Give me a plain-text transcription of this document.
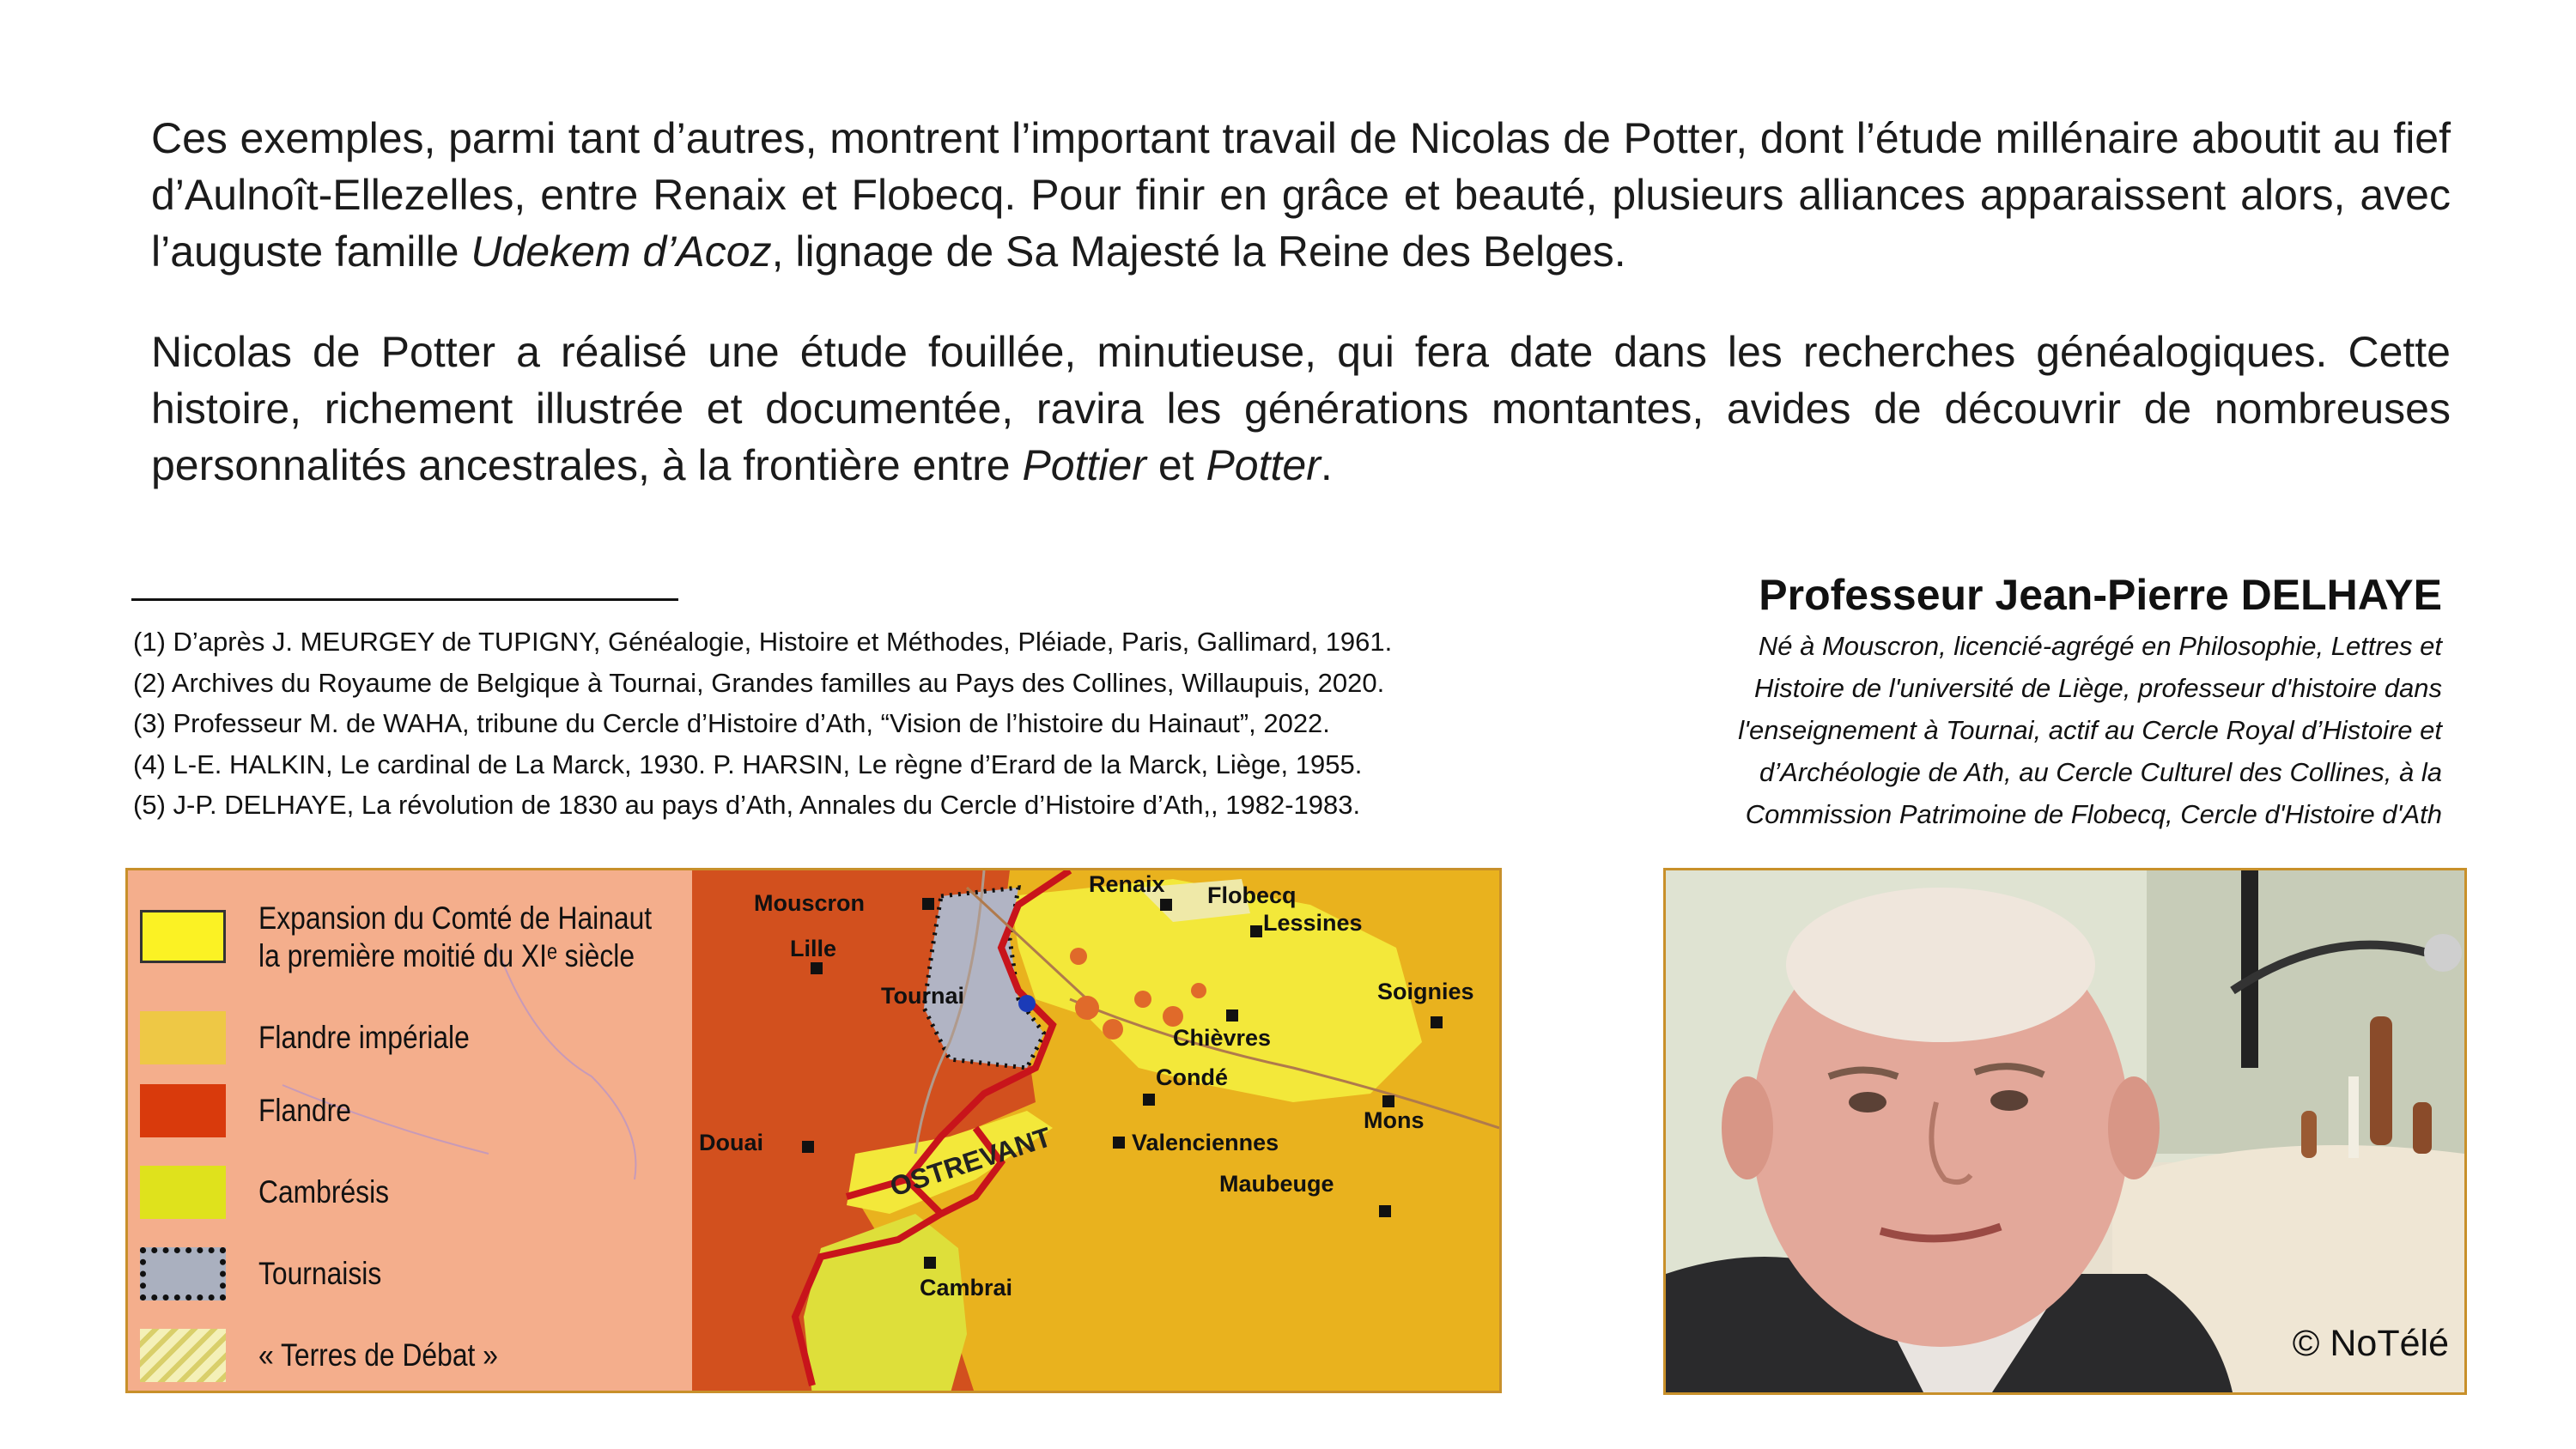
Ces exemples, parmi tant d’autres, montrent l’important travail de Nicolas de Potter, dont l’étude millénaire aboutit au fief d’Aulnoît-Ellezelles, entre Renaix et Flobecq. Pour finir en grâce et beauté, plusieurs alliances apparaissent alors, avec l’auguste famille Udekem d’Acoz, lignage de Sa Majesté la Reine des Belges.

Nicolas de Potter a réalisé une étude fouillée, minutieuse, qui fera date dans les recherches généalogiques. Cette histoire, richement illustrée et documentée, ravira les générations montantes, avides de découvrir de nombreuses personnalités ancestrales, à la frontière entre Pottier et Potter.

(1) D’après J. MEURGEY de TUPIGNY, Généalogie, Histoire et Méthodes, Pléiade, Paris, Gallimard, 1961.
(2) Archives du Royaume de Belgique à Tournai, Grandes familles au Pays des Collines, Willaupuis, 2020.
(3) Professeur M. de WAHA, tribune du Cercle d’Histoire d’Ath, “Vision de l’histoire du Hainaut”, 2022.
(4) L-E. HALKIN, Le cardinal de La Marck, 1930. P. HARSIN, Le règne d’Erard de la Marck, Liège, 1955.
(5) J-P. DELHAYE, La révolution de 1830 au pays d’Ath, Annales du Cercle d’Histoire d’Ath,, 1982-1983.
Professeur Jean-Pierre DELHAYE
Né à Mouscron, licencié-agrégé en Philosophie, Lettres et
Histoire de l'université de Liège, professeur d'histoire dans
l'enseignement à Tournai, actif au Cercle Royal d’Histoire et
d’Archéologie de Ath, au Cercle Culturel des Collines, à la
Commission Patrimoine de Flobecq, Cercle d'Histoire d'Ath
Expansion du Comté de Hainaut
la première moitié du XIᵉ siècle
Flandre impériale
Flandre
Cambrésis
Tournaisis
« Terres de Débat »
Mouscron
Renaix Flobecq
Lessines
Lille
Tournai	Soignies
Chièvres
Condé
Mons
Douai	Valenciennes
Maubeuge
Cambrai
OSTREVANT
© NoTélé
